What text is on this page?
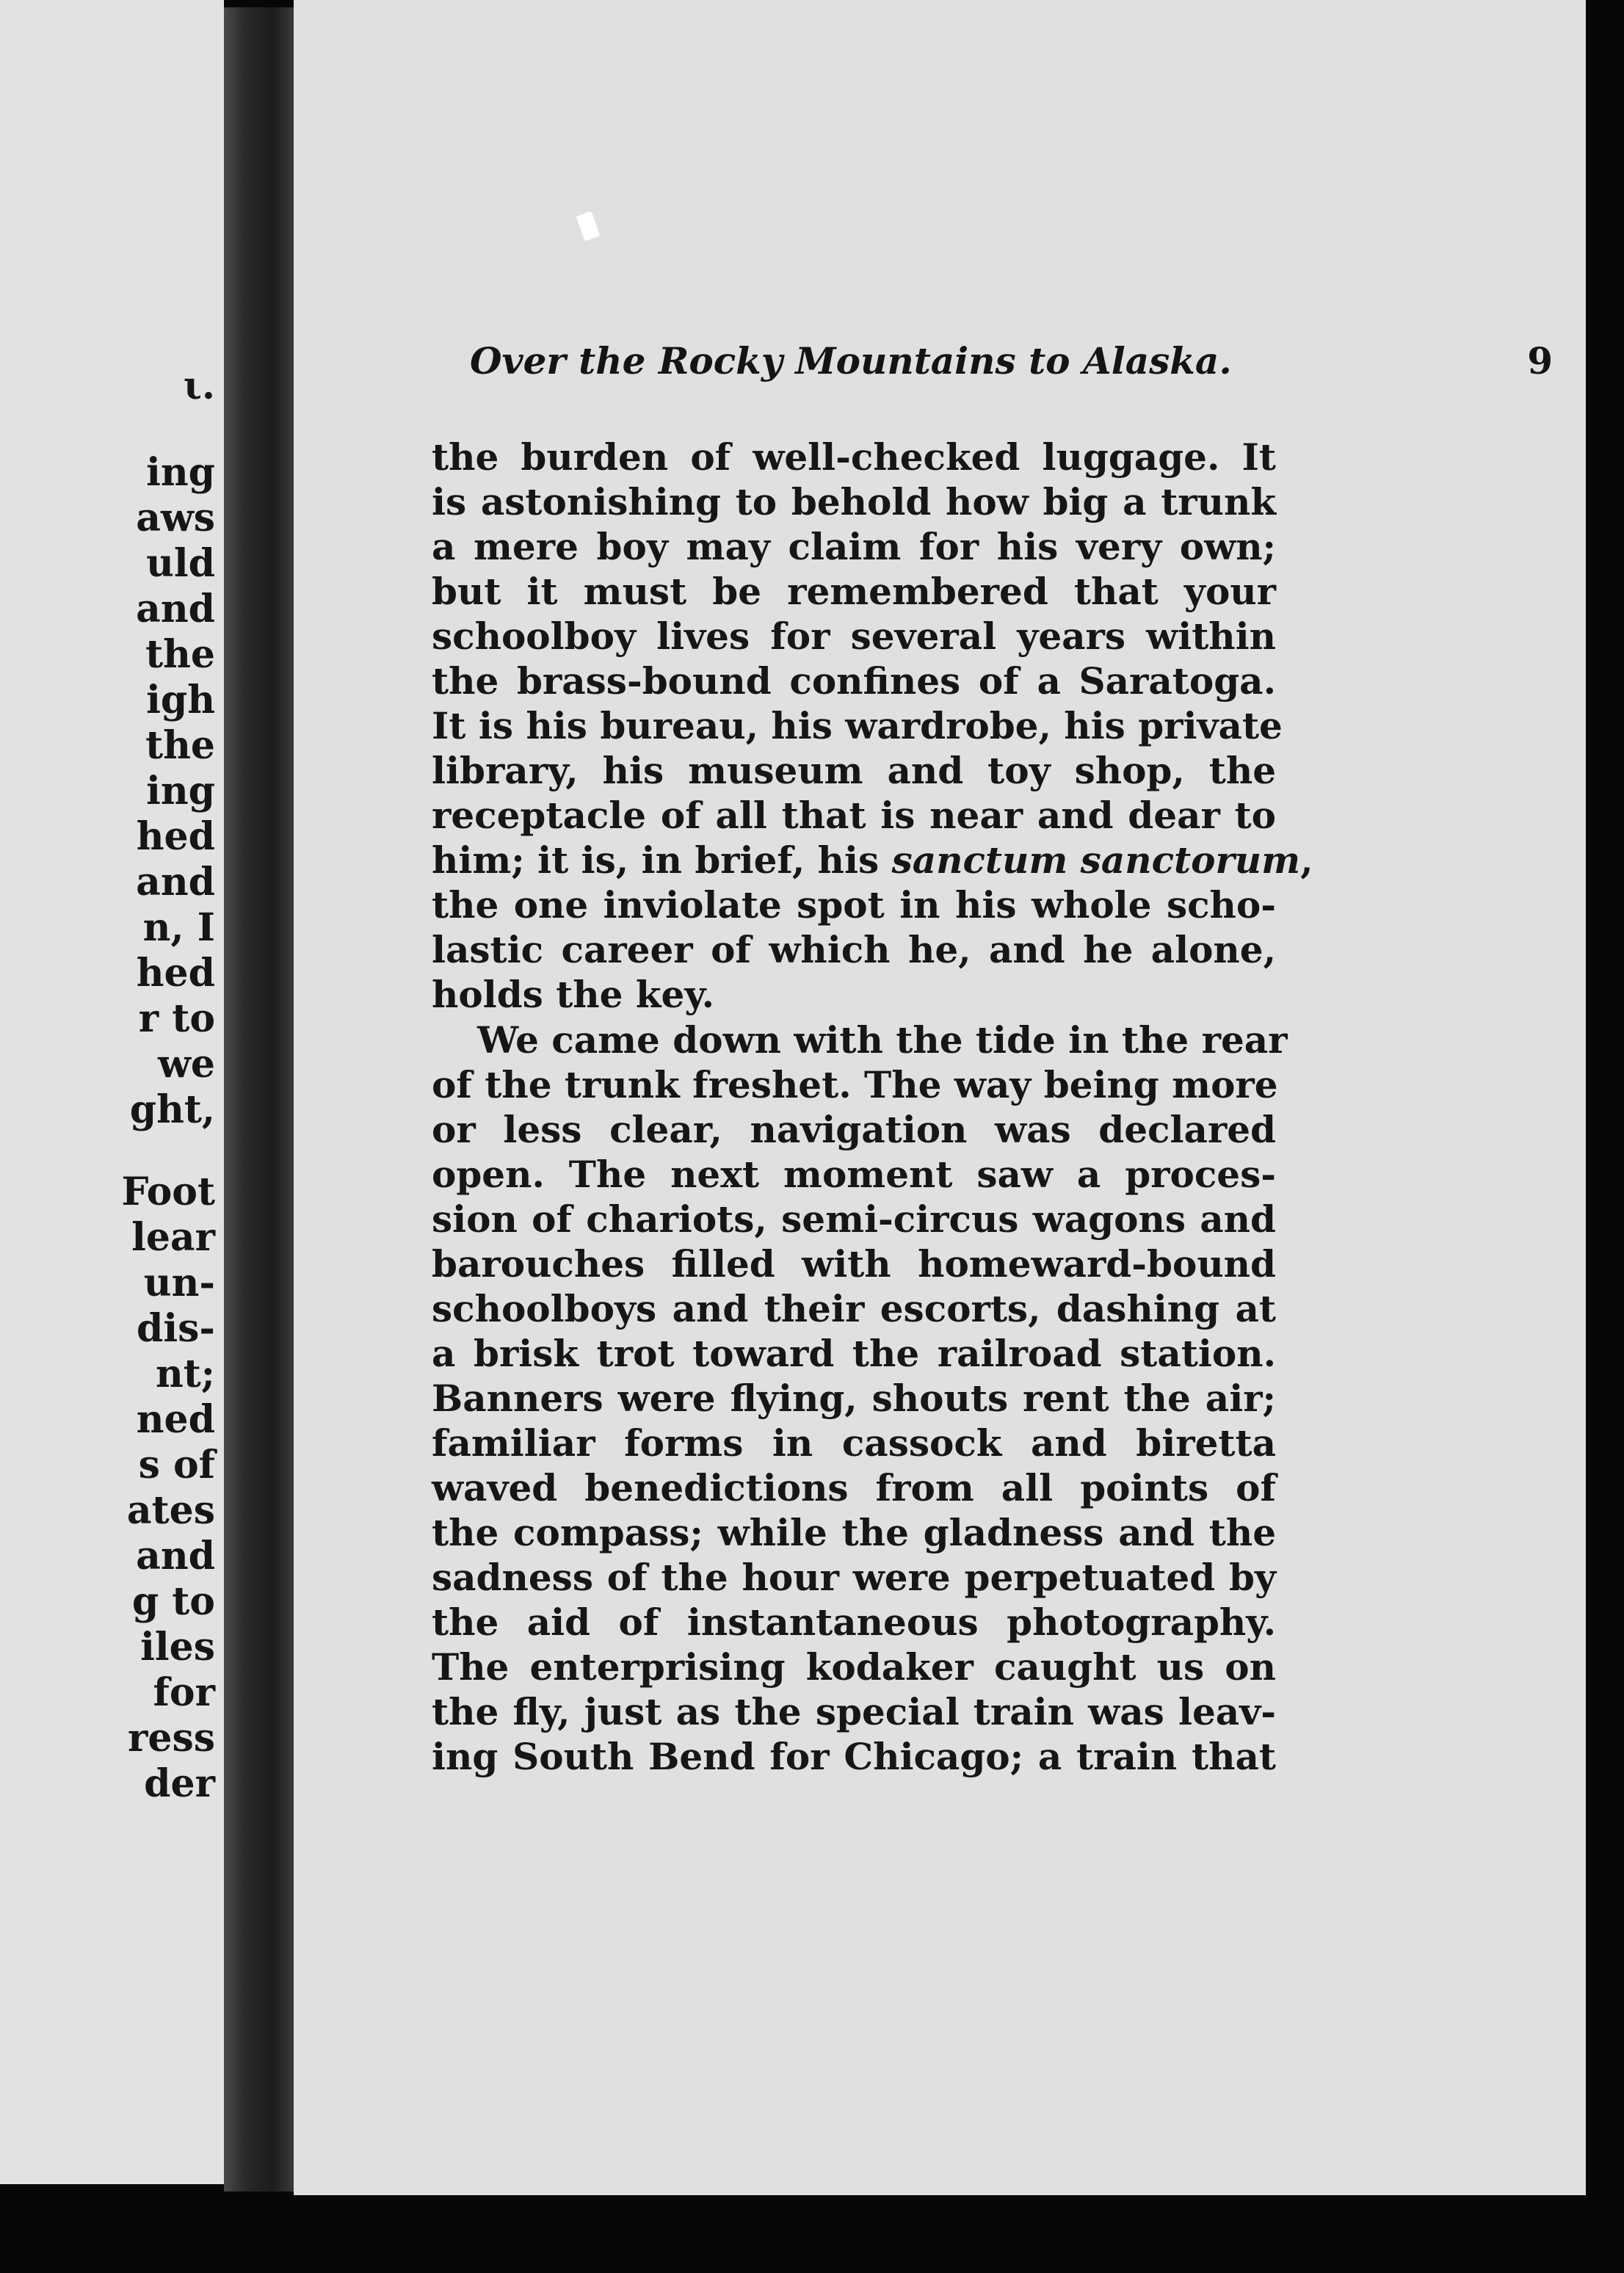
ι.
ing
aws
uld
and
the
igh
the
ing
hed
and
n, I
hed
r to
we
ght,
Foot
lear
un-
dis-
nt;
ned
s of
ates
and
g to
iles
for
ress
der
Over the Rocky Mountains to Alaska.	9
the burden of well-checked luggage. It
is astonishing to behold how big a trunk
a mere boy may claim for his very own;
but it must be remembered that your
schoolboy lives for several years within
the brass-bound confines of a Saratoga.
It is his bureau, his wardrobe, his private
library, his museum and toy shop, the
receptacle of all that is near and dear to
him; it is, in brief, his sanctum sanctorum,
the one inviolate spot in his whole scho-
lastic career of which he, and he alone,
holds the key.
We came down with the tide in the rear
of the trunk freshet. The way being more
or less clear, navigation was declared
open. The next moment saw a proces-
sion of chariots, semi-circus wagons and
barouches filled with homeward-bound
schoolboys and their escorts, dashing at
a brisk trot toward the railroad station.
Banners were flying, shouts rent the air;
familiar forms in cassock and biretta
waved benedictions from all points of
the compass; while the gladness and the
sadness of the hour were perpetuated by
the aid of instantaneous photography.
The enterprising kodaker caught us on
the fly, just as the special train was leav-
ing South Bend for Chicago; a train that
